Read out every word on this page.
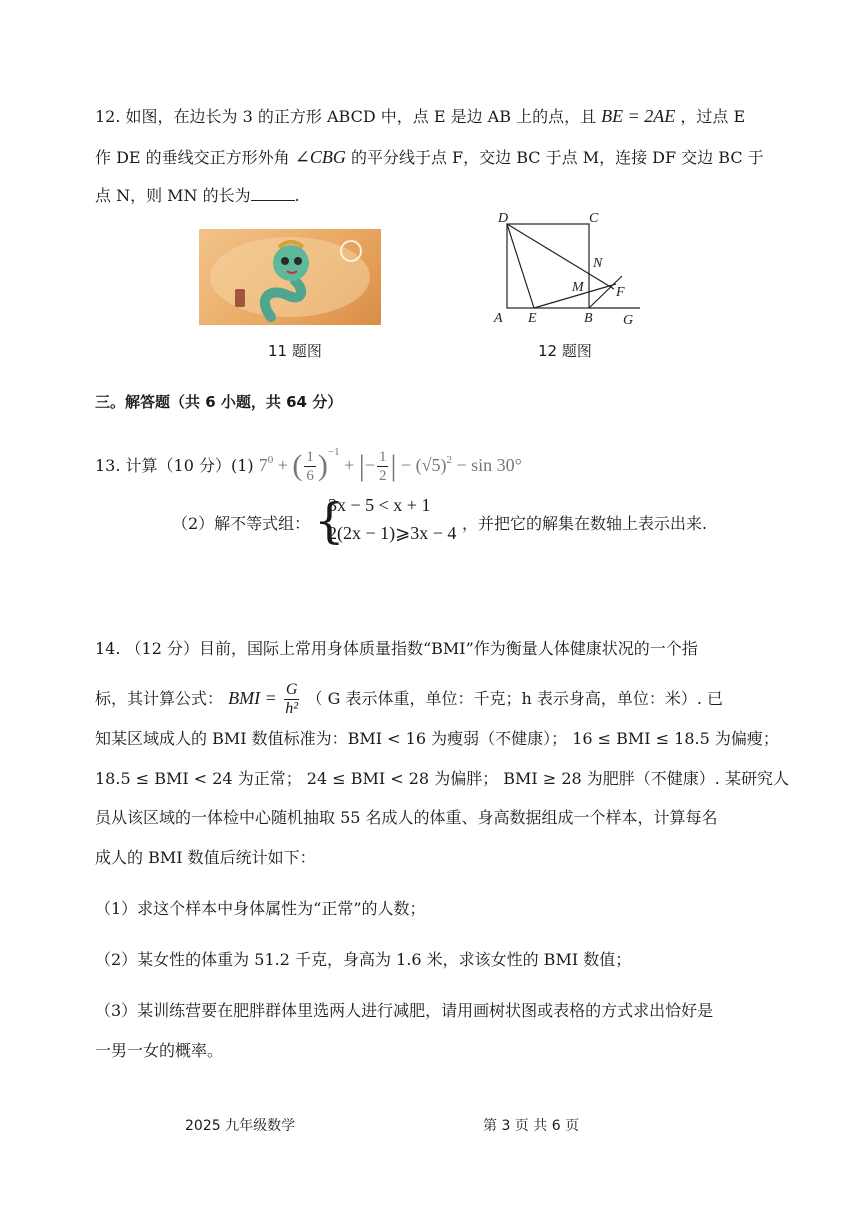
12. 如图，在边长为 3 的正方形 ABCD 中，点 E 是边 AB 上的点，且 BE = 2AE ，过点 E
作 DE 的垂线交正方形外角 ∠CBG 的平分线于点 F，交边 BC 于点 M，连接 DF 交边 BC 于
点 N，则 MN 的长为	.
D	C
N
M F
A E	B G
11 题图	12 题图
三。解答题（共 6 小题，共 64 分）
13. 计算（10 分）(1) $7^0$ + ( $\frac{1}{6} )^{-1}$ + |− $\frac{1}{2}$ | − $(√5)^2 - \sin 30^\circ$
（2）解不等式组： {
3x − 5 < x + 1
2(2x − 1)⩾3x − 4 ，并把它的解集在数轴上表示出来.
14. （12 分）目前，国际上常用身体质量指数“BMI”作为衡量人体健康状况的一个指
标，其计算公式： BMI = $\frac{G}{\text{h²}}$ （ G 表示体重，单位：千克；h 表示身高，单位：米）. 已
知某区域成人的 BMI 数值标准为：BMI < 16 为瘦弱（不健康）； 16 ≤ BMI ≤ 18.5 为偏瘦；
18.5 ≤ BMI < 24 为正常； 24 ≤ BMI < 28 为偏胖； BMI ≥ 28 为肥胖（不健康）. 某研究人
员从该区域的一体检中心随机抽取 55 名成人的体重、身高数据组成一个样本，计算每名
成人的 BMI 数值后统计如下：
（1）求这个样本中身体属性为“正常”的人数；
（2）某女性的体重为 51.2 千克，身高为 1.6 米，求该女性的 BMI 数值；
（3）某训练营要在肥胖群体里选两人进行减肥，请用画树状图或表格的方式求出恰好是
一男一女的概率。
2025 九年级数学	第 3 页 共 6 页
